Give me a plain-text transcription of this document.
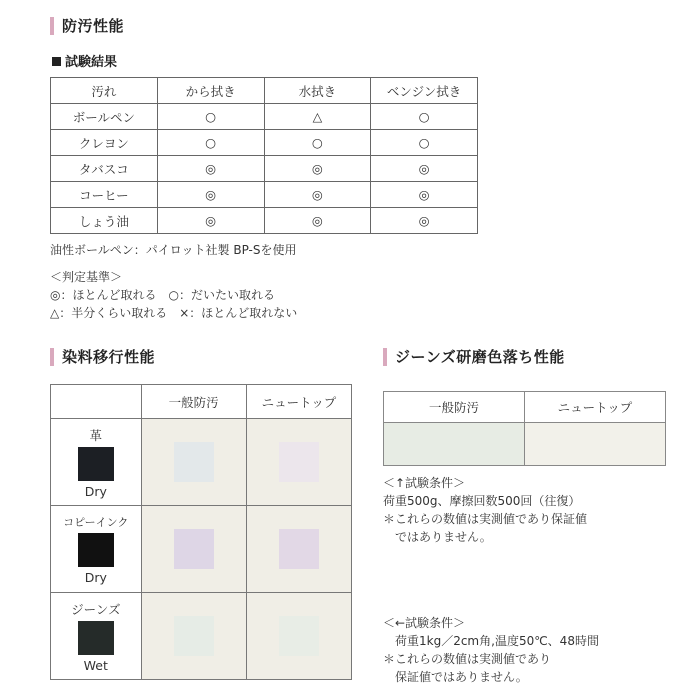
防汚性能
試験結果
汚れ	から拭き	水拭き	ベンジン拭き
ボールペン	○	△	○
クレヨン	○	○	○
タバスコ	◎	◎	◎
コーヒー	◎	◎	◎
しょう油	◎	◎	◎
油性ボールペン：パイロット社製 BP-Sを使用
＜判定基準＞
◎：ほとんど取れる　○：だいたい取れる
△：半分くらい取れる　×：ほとんど取れない
染料移行性能
	一般防汚	ニュートップ

革
Dry		

コピーインク
Dry		

ジーンズ
Wet		

ジーンズ研磨色落ち性能
一般防汚	ニュートップ

＜↑試験条件＞
荷重500g、摩擦回数500回（往復）
＊これらの数値は実測値であり保証値
ではありません。
＜←試験条件＞
荷重1kg／2cm角,温度50℃、48時間
＊これらの数値は実測値であり
保証値ではありません。
